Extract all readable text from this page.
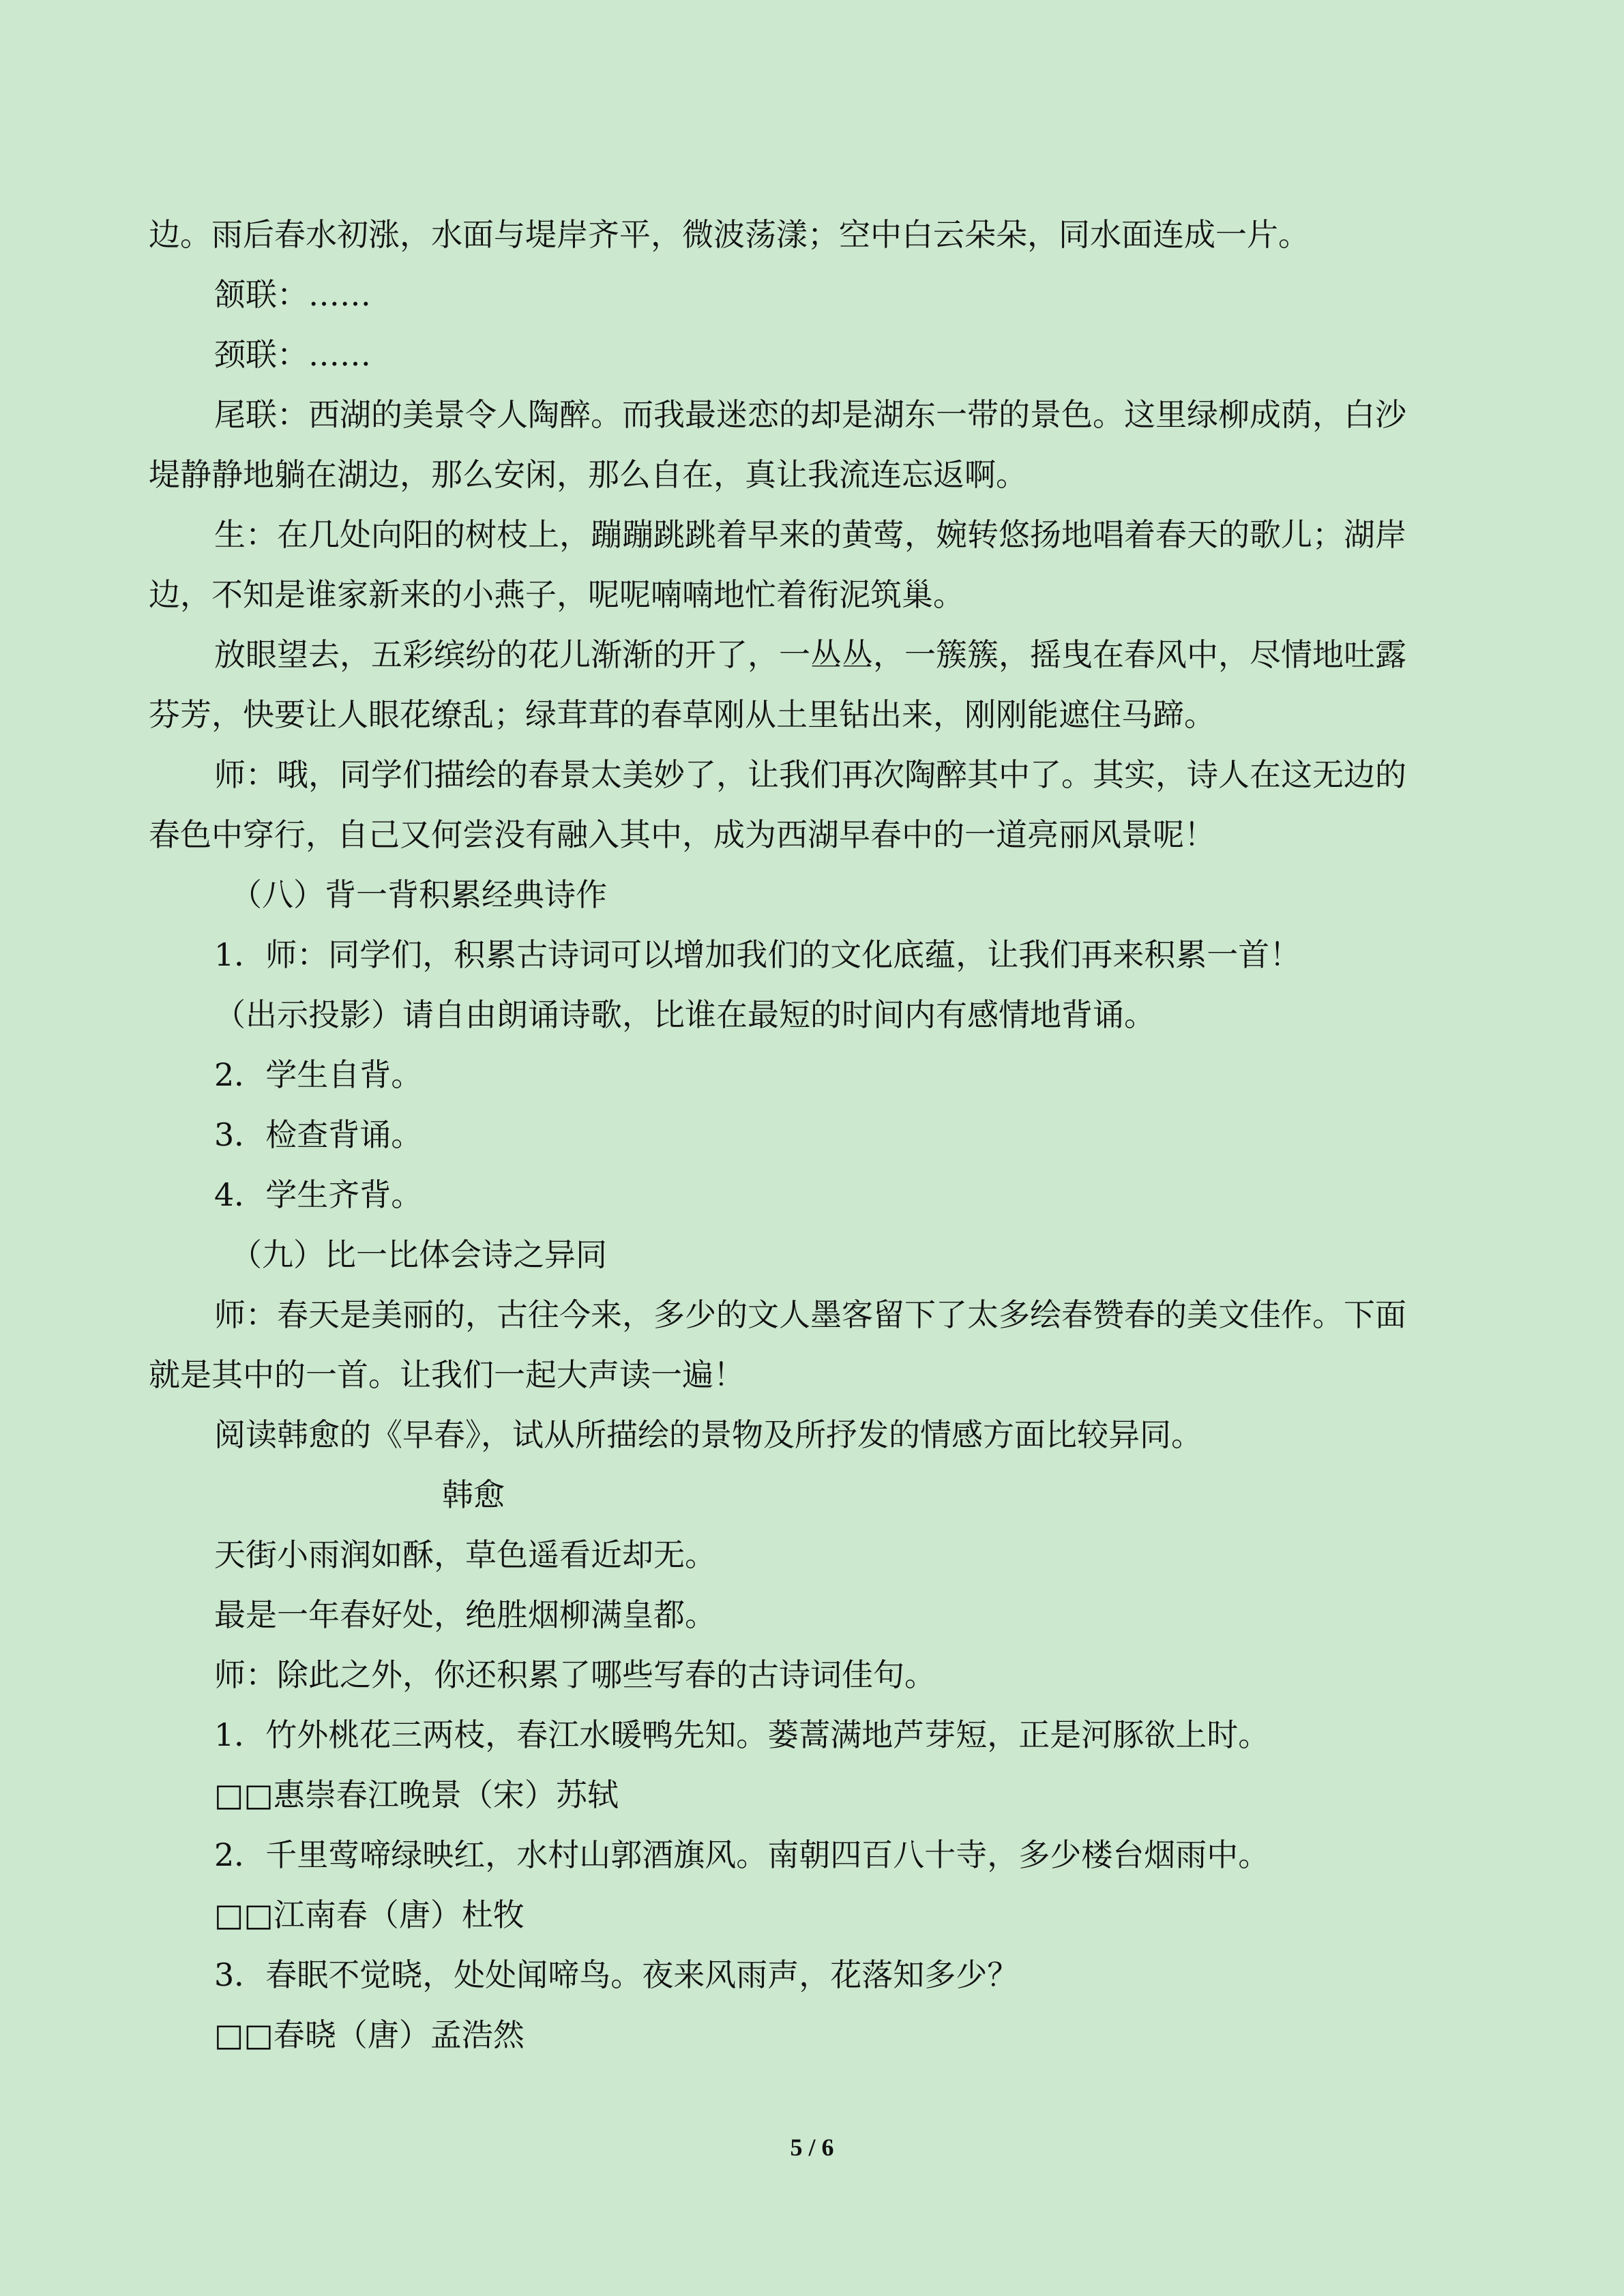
边。雨后春水初涨，水面与堤岸齐平，微波荡漾；空中白云朵朵，同水面连成一片。
颔联：……
颈联：……
尾联：西湖的美景令人陶醉。而我最迷恋的却是湖东一带的景色。这里绿柳成荫，白沙
堤静静地躺在湖边，那么安闲，那么自在，真让我流连忘返啊。
生：在几处向阳的树枝上，蹦蹦跳跳着早来的黄莺，婉转悠扬地唱着春天的歌儿；湖岸
边，不知是谁家新来的小燕子，呢呢喃喃地忙着衔泥筑巢。
放眼望去，五彩缤纷的花儿渐渐的开了，一丛丛，一簇簇，摇曳在春风中，尽情地吐露
芬芳，快要让人眼花缭乱；绿茸茸的春草刚从土里钻出来，刚刚能遮住马蹄。
师：哦，同学们描绘的春景太美妙了，让我们再次陶醉其中了。其实，诗人在这无边的
春色中穿行，自己又何尝没有融入其中，成为西湖早春中的一道亮丽风景呢！
（八）背一背积累经典诗作
1．师：同学们，积累古诗词可以增加我们的文化底蕴，让我们再来积累一首！
（出示投影）请自由朗诵诗歌，比谁在最短的时间内有感情地背诵。
2．学生自背。
3．检查背诵。
4．学生齐背。
（九）比一比体会诗之异同
师：春天是美丽的，古往今来，多少的文人墨客留下了太多绘春赞春的美文佳作。下面
就是其中的一首。让我们一起大声读一遍！
阅读韩愈的《早春》，试从所描绘的景物及所抒发的情感方面比较异同。
韩愈
天街小雨润如酥，草色遥看近却无。
最是一年春好处，绝胜烟柳满皇都。
师：除此之外，你还积累了哪些写春的古诗词佳句。
1．竹外桃花三两枝，春江水暖鸭先知。蒌蒿满地芦芽短，正是河豚欲上时。
□□惠崇春江晚景（宋）苏轼
2．千里莺啼绿映红，水村山郭酒旗风。南朝四百八十寺，多少楼台烟雨中。
□□江南春（唐）杜牧
3．春眠不觉晓，处处闻啼鸟。夜来风雨声，花落知多少？
□□春晓（唐）孟浩然
5 / 6
